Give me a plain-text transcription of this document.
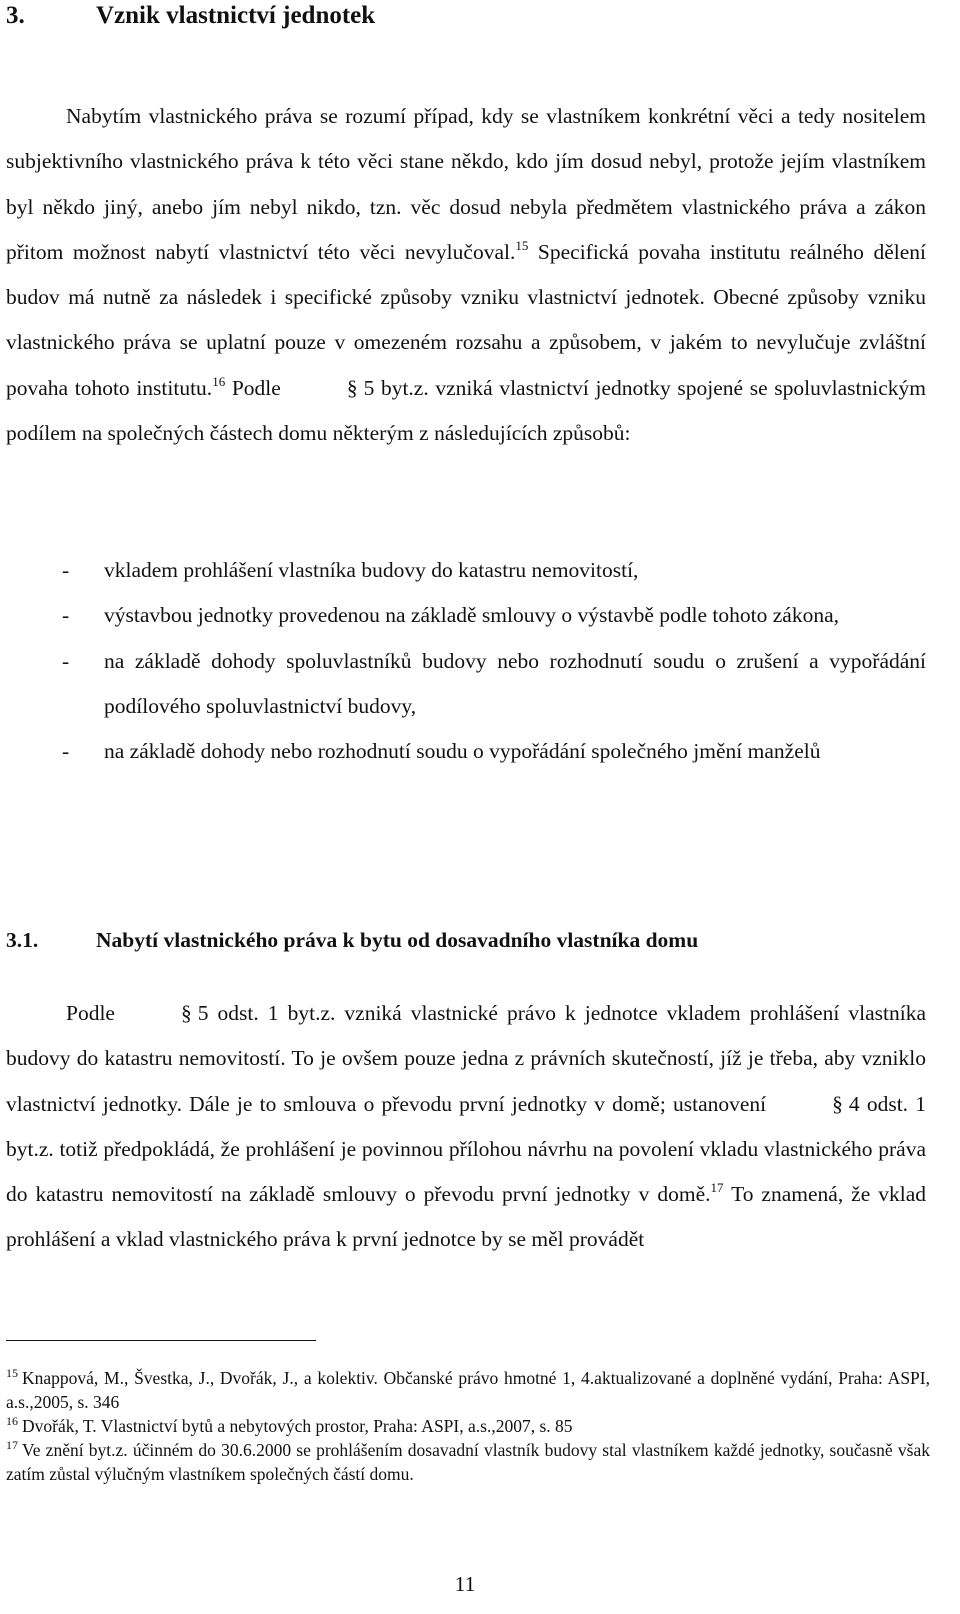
3.	Vznik vlastnictví jednotek

Nabytím vlastnického práva se rozumí případ, kdy se vlastníkem konkrétní věci a tedy nositelem subjektivního vlastnického práva k této věci stane někdo, kdo jím dosud nebyl, protože jejím vlastníkem byl někdo jiný, anebo jím nebyl nikdo, tzn. věc dosud nebyla předmětem vlastnického práva a zákon přitom možnost nabytí vlastnictví této věci nevylučoval.$^{15}$ Specifická povaha institutu reálného dělení budov má nutně za následek i specifické způsoby vzniku vlastnictví jednotek. Obecné způsoby vzniku vlastnického práva se uplatní pouze v omezeném rozsahu a způsobem, v jakém to nevylučuje zvláštní povaha tohoto institutu.$^{16}$ Podle	§ 5 byt.z. vzniká vlastnictví jednotky spojené se spoluvlastnickým podílem na společných částech domu některým z následujících způsobů:

- vkladem prohlášení vlastníka budovy do katastru nemovitostí,
- výstavbou jednotky provedenou na základě smlouvy o výstavbě podle tohoto zákona,
- na základě dohody spoluvlastníků budovy nebo rozhodnutí soudu o zrušení a vypořádání podílového spoluvlastnictví budovy,
- na základě dohody nebo rozhodnutí soudu o vypořádání společného jmění manželů
3.1.	Nabytí vlastnického práva k bytu od dosavadního vlastníka domu

Podle	§ 5 odst. 1 byt.z. vzniká vlastnické právo k jednotce vkladem prohlášení vlastníka budovy do katastru nemovitostí. To je ovšem pouze jedna z právních skutečností, jíž je třeba, aby vzniklo vlastnictví jednotky. Dále je to smlouva o převodu první jednotky v domě; ustanovení	§ 4 odst. 1 byt.z. totiž předpokládá, že prohlášení je povinnou přílohou návrhu na povolení vkladu vlastnického práva do katastru nemovitostí na základě smlouvy o převodu první jednotky v domě.$^{17}$ To znamená, že vklad prohlášení a vklad vlastnického práva k první jednotce by se měl provádět

$^{15}$ Knappová, M., Švestka, J., Dvořák, J., a kolektiv. Občanské právo hmotné 1, 4.aktualizované a doplněné vydání, Praha: ASPI, a.s.,2005, s. 346

$^{16}$ Dvořák, T. Vlastnictví bytů a nebytových prostor, Praha: ASPI, a.s.,2007, s. 85

$^{17}$ Ve znění byt.z. účinném do 30.6.2000 se prohlášením dosavadní vlastník budovy stal vlastníkem každé jednotky, současně však zatím zůstal výlučným vlastníkem společných částí domu.

11
